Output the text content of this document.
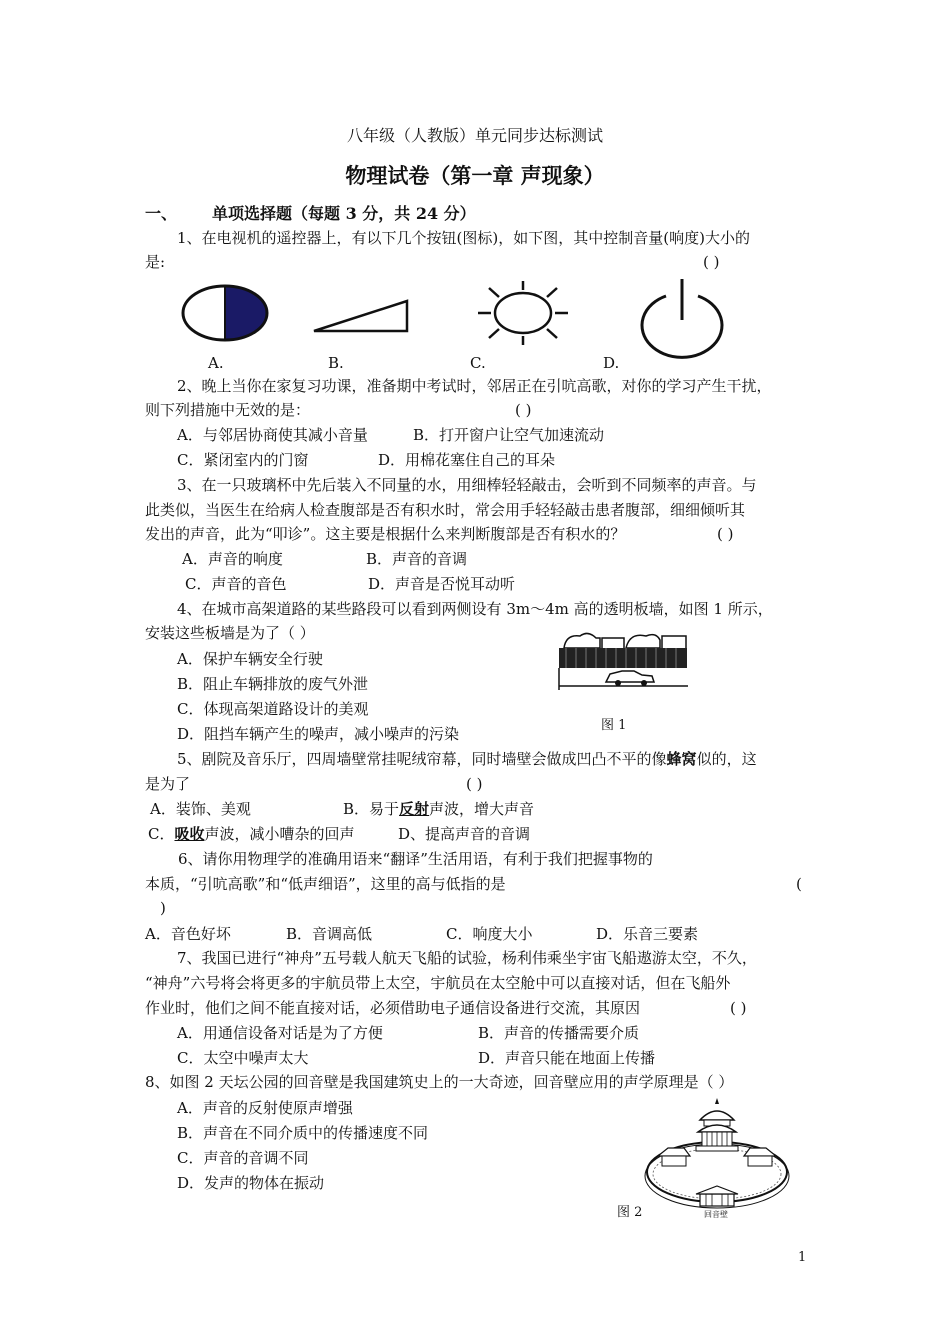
八年级（人教版）单元同步达标测试
物理试卷（第一章 声现象）
一、 单项选择题（每题 3 分，共 24 分）
1、在电视机的遥控器上，有以下几个按钮(图标)，如下图，其中控制音量(响度)大小的
是:	( )
A.	B.	C.	D.
2、晚上当你在家复习功课，准备期中考试时，邻居正在引吭高歌，对你的学习产生干扰，
则下列措施中无效的是：	( )
A．与邻居协商使其减小音量	B．打开窗户让空气加速流动
C．紧闭室内的门窗	D．用棉花塞住自己的耳朵
3、在一只玻璃杯中先后装入不同量的水，用细棒轻轻敲击，会听到不同频率的声音。与
此类似，当医生在给病人检查腹部是否有积水时，常会用手轻轻敲击患者腹部，细细倾听其
发出的声音，此为“叩诊”。这主要是根据什么来判断腹部是否有积水的？	( )
A．声音的响度	B．声音的音调
C．声音的音色	D．声音是否悦耳动听
4、在城市高架道路的某些路段可以看到两侧设有 3m～4m 高的透明板墙，如图 1 所示，
安装这些板墙是为了（ ）
A．保护车辆安全行驶
B．阻止车辆排放的废气外泄
C．体现高架道路设计的美观
D．阻挡车辆产生的噪声，减小噪声的污染	图 1
5、剧院及音乐厅，四周墙壁常挂呢绒帘幕，同时墙壁会做成凹凸不平的像蜂窝似的，这
是为了	( )
A．装饰、美观	B．易于反射声波，增大声音
C．吸收声波，减小嘈杂的回声	D、提高声音的音调
6、请你用物理学的准确用语来“翻译”生活用语，有利于我们把握事物的
本质，“引吭高歌”和“低声细语”，这里的高与低指的是	(
)
A．音色好坏	B．音调高低	C．响度大小	D．乐音三要素
7、我国已进行“神舟”五号载人航天飞船的试验，杨利伟乘坐宇宙飞船遨游太空，不久，
“神舟”六号将会将更多的宇航员带上太空，宇航员在太空舱中可以直接对话，但在飞船外
作业时，他们之间不能直接对话，必须借助电子通信设备进行交流，其原因	( )
A．用通信设备对话是为了方便	B．声音的传播需要介质
C．太空中噪声太大	D．声音只能在地面上传播
8、如图 2 天坛公园的回音壁是我国建筑史上的一大奇迹，回音壁应用的声学原理是（ ）
A．声音的反射使原声增强
B．声音在不同介质中的传播速度不同
C．声音的音调不同
D．发声的物体在振动
回音壁
图 2
1
